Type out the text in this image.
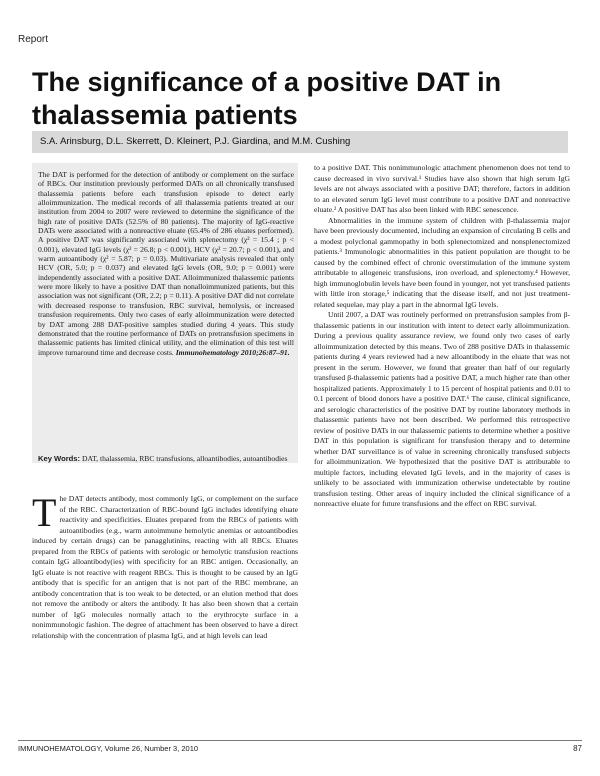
Report
The significance of a positive DAT in thalassemia patients
S.A. Arinsburg, D.L. Skerrett, D. Kleinert, P.J. Giardina, and M.M. Cushing

The DAT is performed for the detection of antibody or complement on the surface of RBCs. Our institution previously performed DATs on all chronically transfused thalassemia patients before each transfusion episode to detect early alloimmunization. The medical records of all thalassemia patients treated at our institution from 2004 to 2007 were reviewed to determine the significance of the high rate of positive DATs (52.5% of 80 patients). The majority of IgG-reactive DATs were associated with a nonreactive eluate (65.4% of 286 eluates performed). A positive DAT was significantly associated with splenectomy (χ² = 15.4 ; p < 0.001), elevated IgG levels (χ² = 26.8; p < 0.001), HCV (χ² = 20.7; p < 0.001), and warm autoantibody (χ² = 5.87; p = 0.03). Multivariate analysis revealed that only HCV (OR, 5.0; p = 0.037) and elevated IgG levels (OR, 9.0; p = 0.001) were independently associated with a positive DAT. Alloimmunized thalassemic patients were more likely to have a positive DAT than nonalloimmunized patients, but this association was not significant (OR, 2.2; p = 0.11). A positive DAT did not correlate with decreased response to transfusion, RBC survival, hemolysis, or increased transfusion requirements. Only two cases of early alloimmunization were detected by DAT among 288 DAT-positive samples studied during 4 years. This study demonstrated that the routine performance of DATs on pretransfusion specimens in thalassemic patients has limited clinical utility, and the elimination of this test will improve turnaround time and decrease costs. Immunohematology 2010;26:87–91.

Key Words: DAT, thalassemia, RBC transfusions, alloantibodies, autoantibodies

The DAT detects antibody, most commonly IgG, or complement on the surface of the RBC. Characterization of RBC-bound IgG includes identifying eluate reactivity and specificities. Eluates prepared from the RBCs of patients with autoantibodies (e.g., warm autoimmune hemolytic anemias or autoantibodies induced by certain drugs) can be panagglutinins, reacting with all RBCs. Eluates prepared from the RBCs of patients with serologic or hemolytic transfusion reactions contain IgG alloantibody(ies) with specificity for an RBC antigen. Occasionally, an IgG eluate is not reactive with reagent RBCs. This is thought to be caused by an IgG antibody that is specific for an antigen that is not part of the RBC membrane, an antibody concentration that is too weak to be detected, or an elution method that does not remove the antibody or alters the antibody. It has also been shown that a certain number of IgG molecules normally attach to the erythrocyte surface in a nonimmunologic fashion. The degree of attachment has been observed to have a direct relationship with the concentration of plasma IgG, and at high levels can lead

to a positive DAT. This nonimmunologic attachment phenomenon does not tend to cause decreased in vivo survival.¹ Studies have also shown that high serum IgG levels are not always associated with a positive DAT; therefore, factors in addition to an elevated serum IgG level must contribute to a positive DAT and nonreactive eluate.² A positive DAT has also been linked with RBC senescence.

Abnormalities in the immune system of children with β-thalassemia major have been previously documented, including an expansion of circulating B cells and a modest polyclonal gammopathy in both splenectomized and nonsplenectomized patients.³ Immunologic abnormalities in this patient population are thought to be caused by the combined effect of chronic overstimulation of the immune system attributable to allogeneic transfusions, iron overload, and splenectomy.⁴ However, high immunoglobulin levels have been found in younger, not yet transfused patients with little iron storage,⁵ indicating that the disease itself, and not just treatment-related sequelae, may play a part in the abnormal IgG levels.

Until 2007, a DAT was routinely performed on pretransfusion samples from β-thalassemic patients in our institution with intent to detect early alloimmunization. During a previous quality assurance review, we found only two cases of early alloimmunization detected by this means. Two of 288 positive DATs in thalassemic patients during 4 years reviewed had a new alloantibody in the eluate that was not present in the serum. However, we found that greater than half of our regularly transfused β-thalassemic patients had a positive DAT, a much higher rate than other hospitalized patients. Approximately 1 to 15 percent of hospital patients and 0.01 to 0.1 percent of blood donors have a positive DAT.⁶ The cause, clinical significance, and serologic characteristics of the positive DAT by routine laboratory methods in thalassemic patients have not been described. We performed this retrospective review of positive DATs in our thalassemic patients to determine whether a positive DAT in this population is significant for transfusion therapy and to determine whether DAT surveillance is of value in screening chronically transfused subjects for alloimmunization. We hypothesized that the positive DAT is attributable to multiple factors, including elevated IgG levels, and in the majority of cases is unlikely to be associated with immunization otherwise undetectable by routine transfusion testing. Other areas of inquiry included the clinical significance of a nonreactive eluate for future transfusions and the effect on RBC survival.

IMMUNOHEMATOLOGY, Volume 26, Number 3, 2010	87
